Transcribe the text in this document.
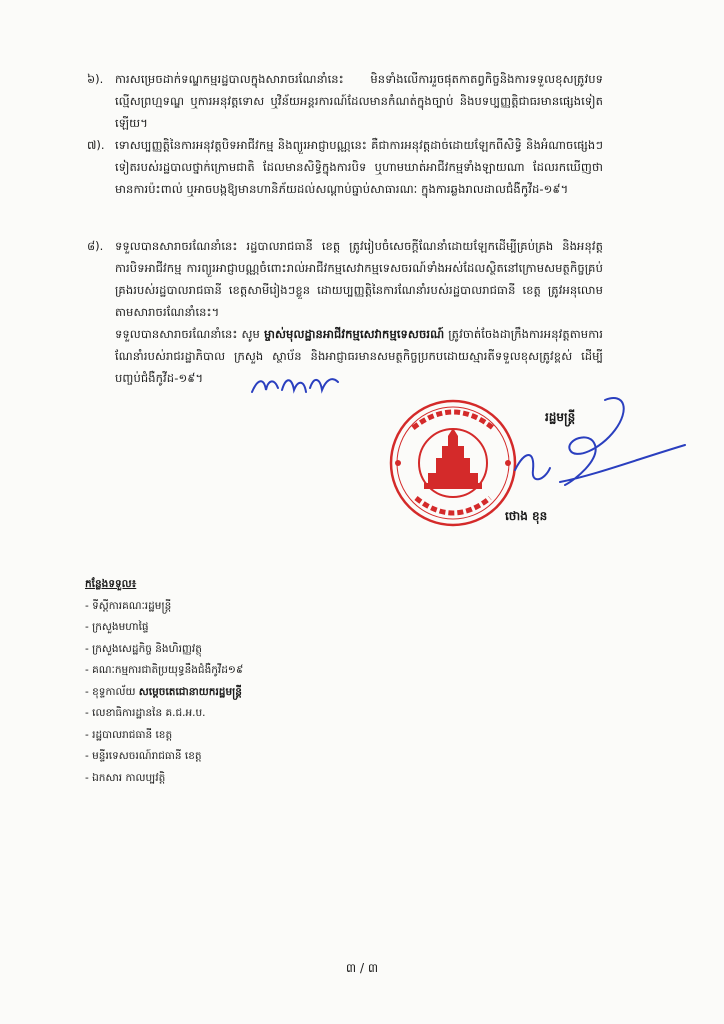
៦). ការសម្រេចដាក់ទណ្ឌកម្មរដ្ឋបាលក្នុងសារាចរណែនាំនេះ មិនទាំងលើការរួចផុតកាតព្វកិច្ចនិងការទទួលខុសត្រូវបទល្មើសព្រហ្មទណ្ឌ ឬការអនុវត្តទោស ឬវិន័យអន្តរការណ៍ដែលមានកំណត់ក្នុងច្បាប់ និងបទប្បញ្ញត្តិជាធរមានផ្សេងទៀតឡើយ។
៧). ទោសប្បញ្ញត្តិនៃការអនុវត្តបិទអាជីវកម្ម និងព្យួរអាជ្ញាបណ្ណនេះ គឺជាការអនុវត្តដាច់ដោយឡែកពីសិទ្ធិ និងអំណាចផ្សេងៗទៀតរបស់រដ្ឋបាលថ្នាក់ក្រោមជាតិ ដែលមានសិទ្ធិក្នុងការបិទ ឬហាមឃាត់អាជីវកម្មទាំងឡាយណា ដែលរកឃើញថាមានការប៉ះពាល់ ឬអាចបង្កឱ្យមានហានិភ័យដល់សណ្តាប់ធ្នាប់សាធារណៈ ក្នុងការឆ្លងរាលដាលជំងឺកូវីដ-១៩។
៨). ទទួលបានសារាចរណែនាំនេះ រដ្ឋបាលរាជធានី ខេត្ត ត្រូវរៀបចំសេចក្តីណែនាំដោយឡែកដើម្បីគ្រប់គ្រង និងអនុវត្តការបិទអាជីវកម្ម ការព្យួរអាជ្ញាបណ្ណចំពោះរាល់អាជីវកម្មសេវាកម្មទេសចរណ៍ទាំងអស់ដែលស្ថិតនៅក្រោមសមត្ថកិច្ចគ្រប់គ្រងរបស់រដ្ឋបាលរាជធានី ខេត្តសាមីរៀងៗខ្លួន ដោយប្បញ្ញត្តិនៃការណែនាំរបស់រដ្ឋបាលរាជធានី ខេត្ត ត្រូវអនុលោមតាមសារាចរណែនាំនេះ។
ទទួលបានសារាចរណែនាំនេះ សូម ម្ចាស់មុលដ្ឋានអាជីវកម្មសេវាកម្មទេសចរណ៍ ត្រូវចាត់ចែងដាក្រឹងការអនុវត្តតាមការណែនាំរបស់រាជរដ្ឋាភិបាល ក្រសួង ស្ថាប័ន និងអាជ្ញាធរមានសមត្ថកិច្ចប្រកបដោយស្មារតីទទួលខុសត្រូវខ្ពស់ ដើម្បីបញ្ចប់ជំងឺកូវីដ-១៩។
រដ្ឋមន្ត្រី
ថោង ខុន
កន្លែងទទួល៖
- ទីស្តីការគណៈរដ្ឋមន្ត្រី
- ក្រសួងមហាផ្ទៃ
- ក្រសួងសេដ្ឋកិច្ច និងហិរញ្ញវត្ថុ
- គណៈកម្មការជាតិប្រយុទ្ធនឹងជំងឺកូវីដ១៩
- ខុទ្ទកាល័យ សម្តេចតេជោនាយករដ្ឋមន្ត្រី
- លេខាធិការដ្ឋាននៃ គ.ជ.អ.ប.
- រដ្ឋបាលរាជធានី ខេត្ត
- មន្ទីរទេសចរណ៍រាជធានី ខេត្ត
- ឯកសារ កាលប្បវត្តិ
៣ / ៣
